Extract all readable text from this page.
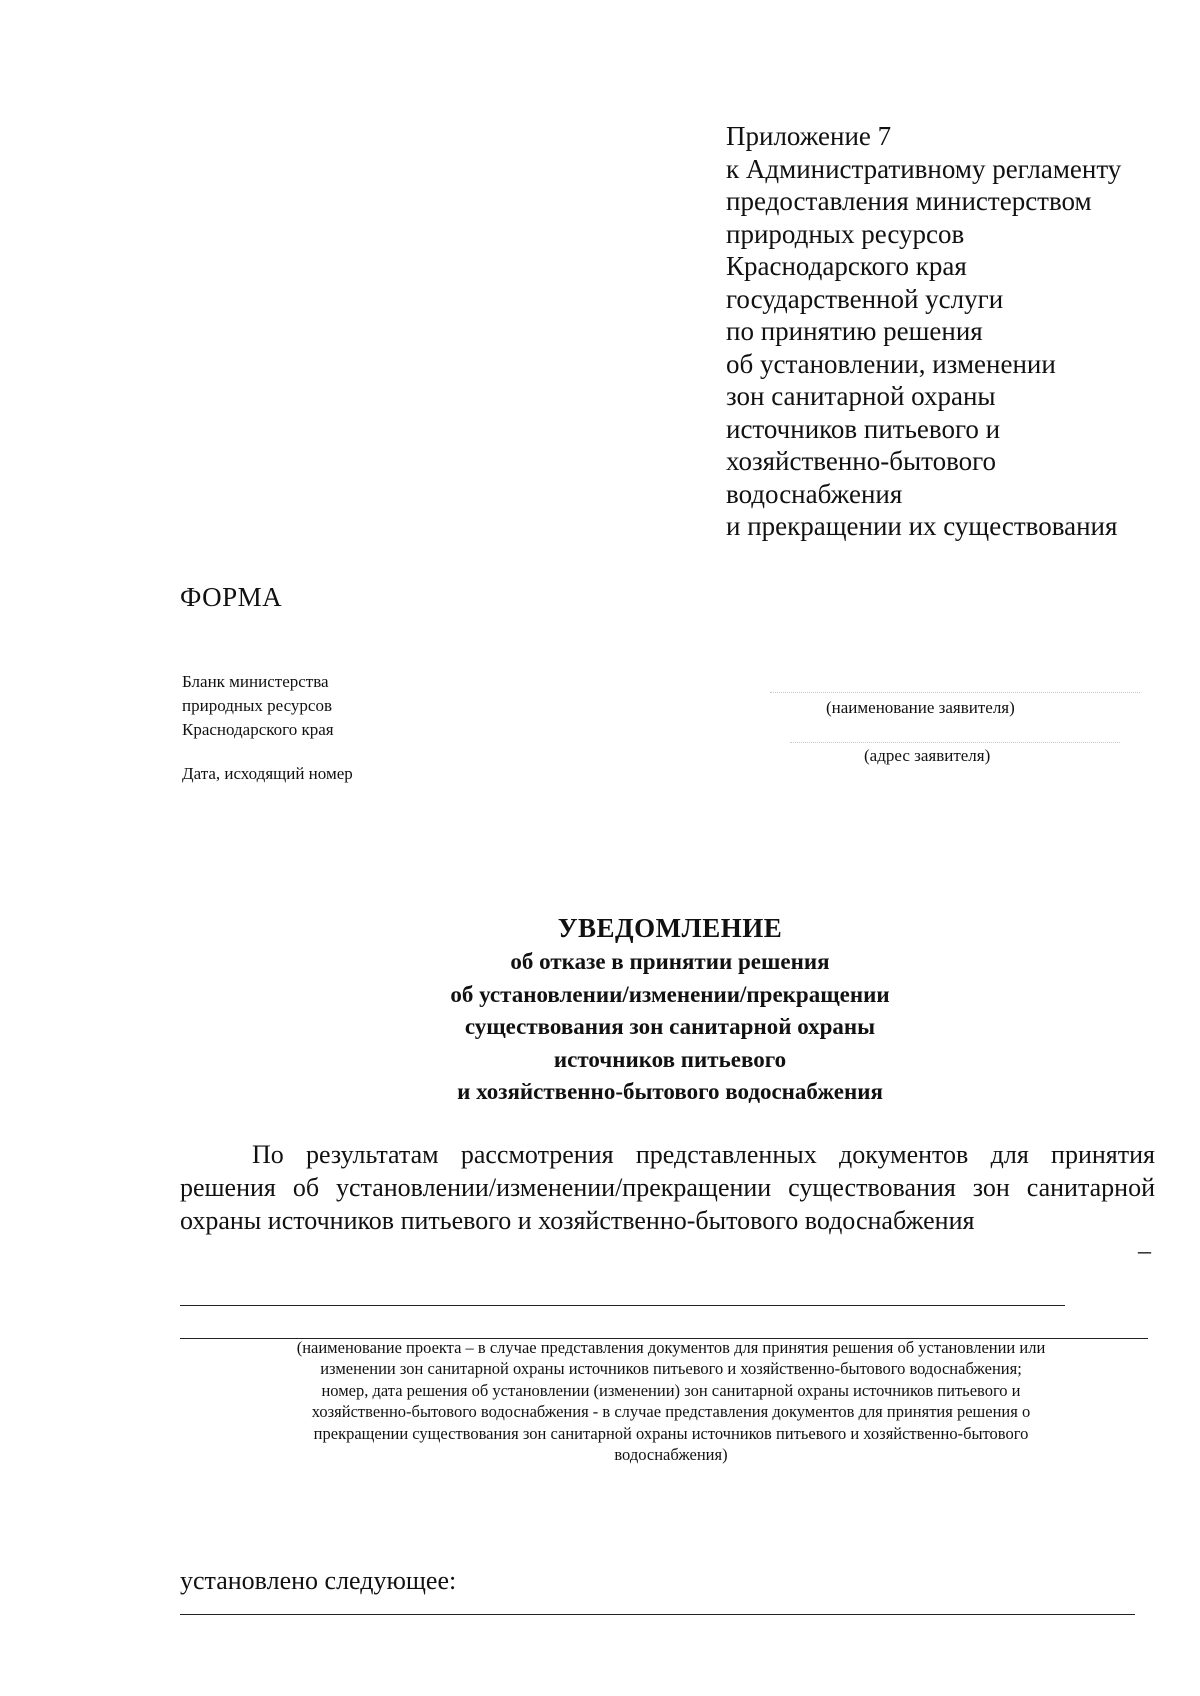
Приложение 7
к Административному регламенту
предоставления министерством
природных ресурсов
Краснодарского края
государственной услуги
по принятию решения
об установлении, изменении
зон санитарной охраны
источников питьевого и
хозяйственно-бытового
водоснабжения
и прекращении их существования
ФОРМА
Бланк министерства
природных ресурсов
Краснодарского края
Дата, исходящий номер
(наименование заявителя)
(адрес заявителя)
УВЕДОМЛЕНИЕ
об отказе в принятии решения
об установлении/изменении/прекращении
существования зон санитарной охраны
источников питьевого
и хозяйственно-бытового водоснабжения
По результатам рассмотрения представленных документов для принятия решения об установлении/изменении/прекращении существования зон санитарной охраны источников питьевого и хозяйственно-бытового водоснабжения
–
(наименование проекта – в случае представления документов для принятия решения об установлении или
изменении зон санитарной охраны источников питьевого и хозяйственно-бытового водоснабжения;
номер, дата решения об установлении (изменении) зон санитарной охраны источников питьевого и
хозяйственно-бытового водоснабжения - в случае представления документов для принятия решения о
прекращении существования зон санитарной охраны источников питьевого и хозяйственно-бытового
водоснабжения)
установлено следующее:
